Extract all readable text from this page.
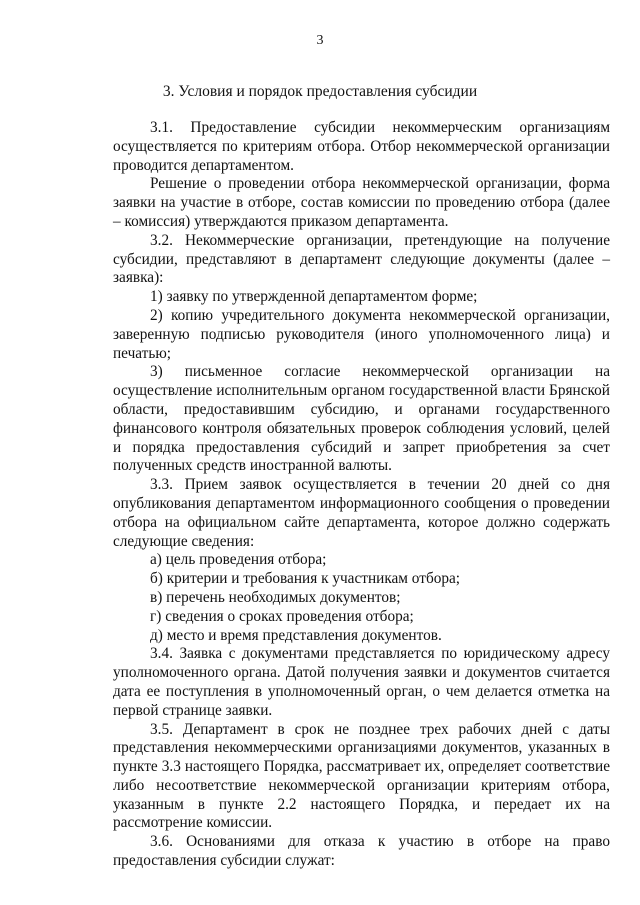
3
3. Условия и порядок предоставления субсидии

3.1. Предоставление субсидии некоммерческим организациям осуществляется по критериям отбора. Отбор некоммерческой организации проводится департаментом.

Решение о проведении отбора некоммерческой организации, форма заявки на участие в отборе, состав комиссии по проведению отбора (далее – комиссия) утверждаются приказом департамента.

3.2. Некоммерческие организации, претендующие на получение субсидии, представляют в департамент следующие документы (далее – заявка):

1) заявку по утвержденной департаментом форме;

2) копию учредительного документа некоммерческой организации, заверенную подписью руководителя (иного уполномоченного лица) и печатью;

3) письменное согласие некоммерческой организации на осуществление исполнительным органом государственной власти Брянской области, предоставившим субсидию, и органами государственного финансового контроля обязательных проверок соблюдения условий, целей и порядка предоставления субсидий и запрет приобретения за счет полученных средств иностранной валюты.

3.3. Прием заявок осуществляется в течении 20 дней со дня опубликования департаментом информационного сообщения о проведении отбора на официальном сайте департамента, которое должно содержать следующие сведения:

а) цель проведения отбора;

б) критерии и требования к участникам отбора;

в) перечень необходимых документов;

г) сведения о сроках проведения отбора;

д) место и время представления документов.

3.4. Заявка с документами представляется по юридическому адресу уполномоченного органа. Датой получения заявки и документов считается дата ее поступления в уполномоченный орган, о чем делается отметка на первой странице заявки.

3.5. Департамент в срок не позднее трех рабочих дней с даты представления некоммерческими организациями документов, указанных в пункте 3.3 настоящего Порядка, рассматривает их, определяет соответствие либо несоответствие некоммерческой организации критериям отбора, указанным в пункте 2.2 настоящего Порядка, и передает их на рассмотрение комиссии.

3.6. Основаниями для отказа к участию в отборе на право предоставления субсидии служат:
